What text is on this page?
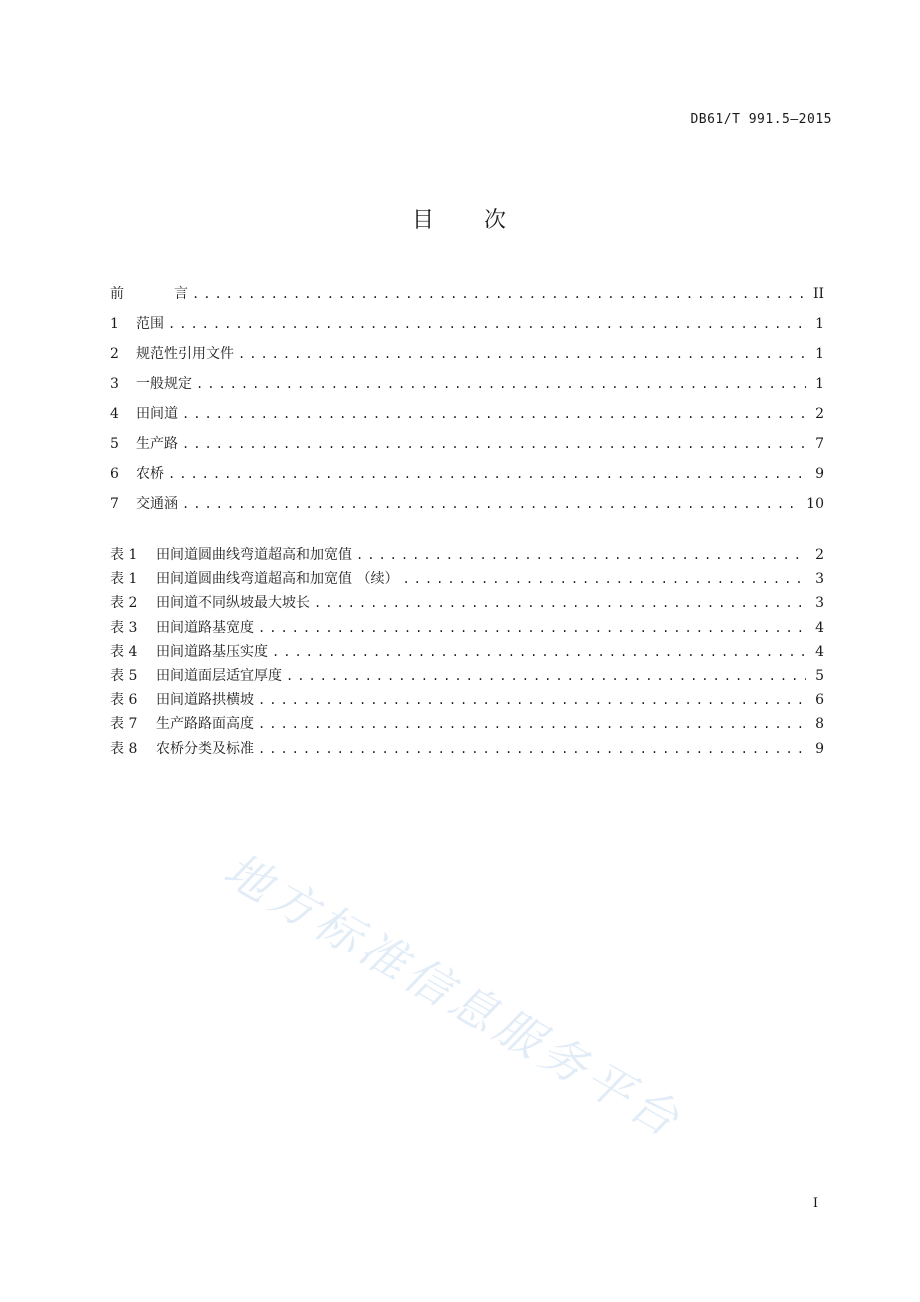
DB61/T 991.5—2015
目 次
前	言 .....	II
1	范围 .....	1
2	规范性引用文件 .....	1
3	一般规定 .....	1
4	田间道 .....	2
5	生产路 .....	7
6	农桥 .....	9
7	交通涵 .....	10
表 1	田间道圆曲线弯道超高和加宽值 .....	2
表 1	田间道圆曲线弯道超高和加宽值 （续） .....	3
表 2	田间道不同纵坡最大坡长 .....	3
表 3	田间道路基宽度 .....	4
表 4	田间道路基压实度 .....	4
表 5	田间道面层适宜厚度 .....	5
表 6	田间道路拱横坡 .....	6
表 7	生产路路面高度 .....	8
表 8	农桥分类及标准 .....	9
地方标准信息服务平台
I
